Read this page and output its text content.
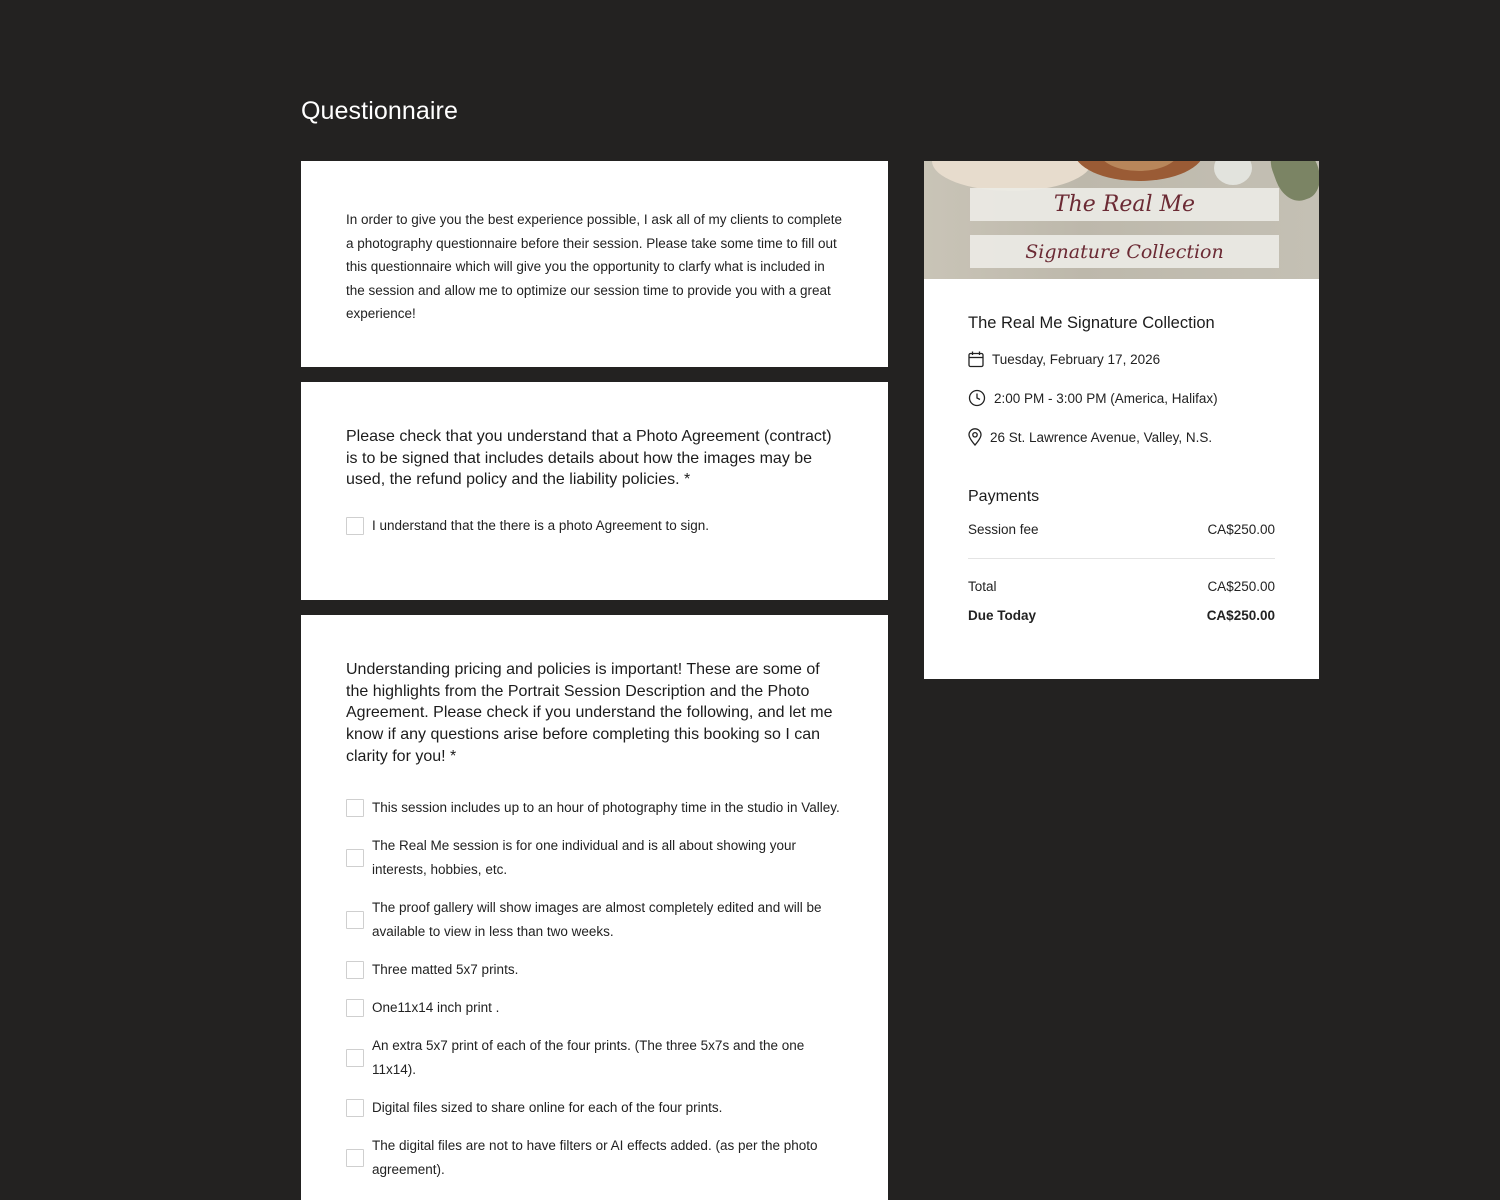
Questionnaire

In order to give you the best experience possible, I ask all of my clients to complete a photography questionnaire before their session. Please take some time to fill out this questionnaire which will give you the opportunity to clarfy what is included in the session and allow me to optimize our session time to provide you with a great experience!

Please check that you understand that a Photo Agreement (contract) is to be signed that includes details about how the images may be used, the refund policy and the liability policies. *

I understand that the there is a photo Agreement to sign.

Understanding pricing and policies is important! These are some of the highlights from the Portrait Session Description and the Photo Agreement. Please check if you understand the following, and let me know if any questions arise before completing this booking so I can clarity for you! *

This session includes up to an hour of photography time in the studio in Valley.
The Real Me session is for one individual and is all about showing your interests, hobbies, etc.
The proof gallery will show images are almost completely edited and will be available to view in less than two weeks.
Three matted 5x7 prints.
One11x14 inch print .
An extra 5x7 print of each of the four prints. (The three 5x7s and the one 11x14).
Digital files sized to share online for each of the four prints.
The digital files are not to have filters or AI effects added. (as per the photo agreement).
The Real Me
Signature Collection
The Real Me Signature Collection
Tuesday, February 17, 2026
2:00 PM - 3:00 PM (America, Halifax)
26 St. Lawrence Avenue, Valley, N.S.
Payments
Session fee	CA$250.00
Total	CA$250.00
Due Today	CA$250.00
